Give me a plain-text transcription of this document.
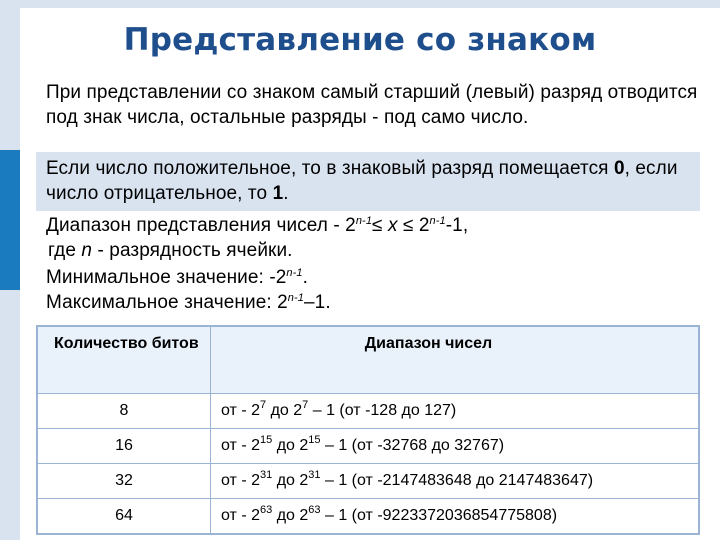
Представление со знаком
При представлении со знаком самый старший (левый) разряд отводится под знак числа, остальные разряды - под само число.
Если число положительное, то в знаковый разряд помещается 0, если число отрицательное, то 1.
Диапазон представления чисел - $2^{n-1}\le x \le 2^{n-1}-1$,
где n - разрядность ячейки.
Минимальное значение: -2$^{n-1}$.
Максимальное значение: 2$^{n-1}$–1.
Количество битов	Диапазон чисел
8	от - $2^7$ до $2^7 - 1$ (от -128 до 127)
16	от - $2^{15}$ до $2^{15} - 1$ (от -32768 до 32767)
32	от - $2^{31}$ до $2^{31} - 1$ (от -2147483648 до 2147483647)
64	от - $2^{63}$ до $2^{63} - 1$ (от -9223372036854775808)
